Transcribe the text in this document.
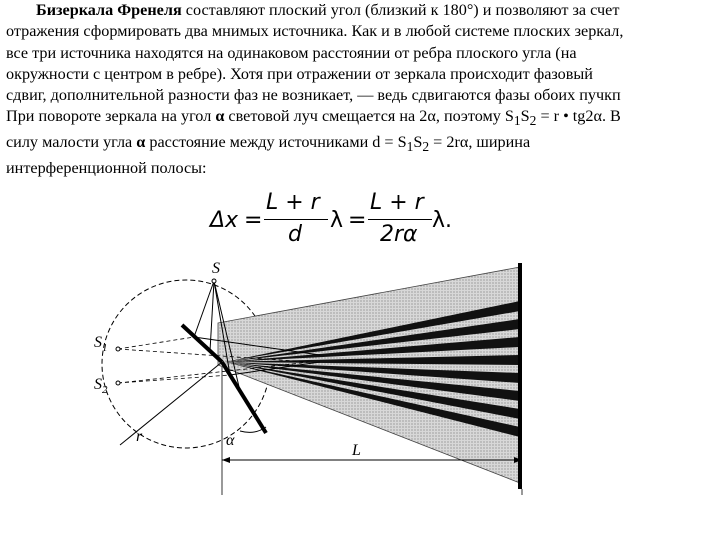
Бизеркала Френеля составляют плоский угол (близкий к 180°) и позволяют за счет
отражения сформировать два мнимых источника. Как и в любой системе плоских зеркал,
все три источника находятся на одинаковом расстоянии от ребра плоского угла (на
окружности с центром в ребре). Хотя при отражении от зеркала происходит фазовый
сдвиг, дополнительной разности фаз не возникает, — ведь сдвигаются фазы обоих пучкп
При повороте зеркала на угол α световой луч смещается на 2α, поэтому $S_1S_2 = r$ • tg2α. В
силу малости угла α расстояние между источниками $d = S_1S_2 = 2r\alpha$, ширина
интерференционной полосы:

Δx =
L + r
d
λ =
L + r
2rα
λ.
S
$S_1$
$S_2$
r	α
L
